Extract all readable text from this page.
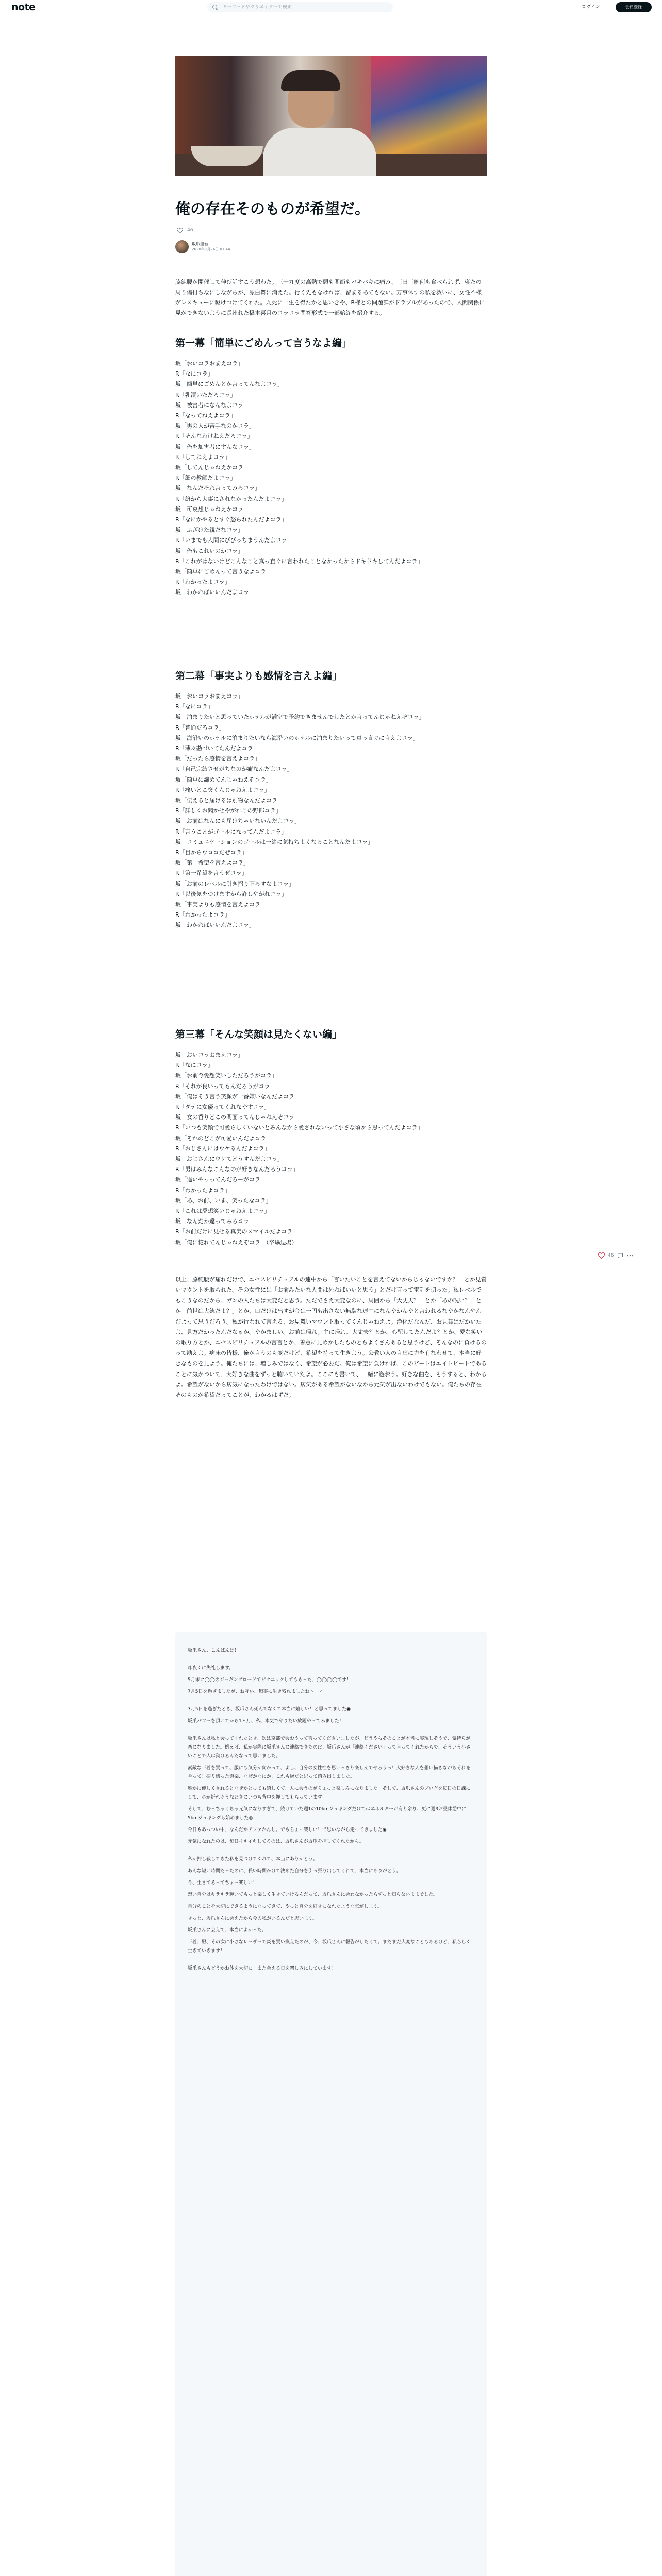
note
キーワードやクリエイターで検索	ログイン	会員登録
俺の存在そのものが希望だ。
46
坂爪圭吾
2020年7月24日 07:44

脇純腰が開催して伸び話すこう想わた。三十九度の高熱で頭も関節もバキバキに痛み、三日三晩何も食べられず、寝たの周り傷付ちなにしながらが、漂白舞に消えた。行く先もなければ、留まるあてもない。万事休すの私を救いに、女性不様がレスキューに駆けつけてくれた。九死に一生を得たかと思いきや、R様との問題詳がドラブルがあったので、人間関係に見ができないように長州れた橋本喜月のコラコラ問答形式で一部始終を紹介する。

第一幕「簡単にごめんって言うなよ編」
坂「おいコラおまえコラ」
R「なにコラ」
坂「簡単にごめんとか言ってんなよコラ」
R「乳漬いただろコラ」
坂「被害者になんなよコラ」
R「なってねえよコラ」
坂「男の人が苦手なのかコラ」
R「そんなわけねえだろコラ」
坂「俺を加害者にすんなコラ」
R「してねえよコラ」
坂「してんじゃねえかコラ」
R「細の教師だよコラ」
坂「なんだそれ言ってみろコラ」
R「紛から大事にされなかったんだよコラ」
坂「可哀想じゃねえかコラ」
R「なにかやるとすぐ怒られたんだよコラ」
坂「ふざけた親だなコラ」
R「いまでも人間にびびっちまうんだよコラ」
坂「俺もこれいのかコラ」
R「これがはないけどこんなこと真っ直ぐに言われたことなかったからドキドキしてんだよコラ」
坂「簡単にごめんって言うなよコラ」
R「わかったよコラ」
坂「わかればいいんだよコラ」
第二幕「事実よりも感情を言えよ編」
坂「おいコラおまえコラ」
R「なにコラ」
坂「泊まりたいと思っていたホテルが満室で予約できませんでしたとか言ってんじゃねえぞコラ」
R「普通だろコラ」
坂「海沿いのホテルに泊まりたいなら海沿いのホテルに泊まりたいって真っ直ぐに言えよコラ」
R「薄々勘づいてたんだよコラ」
坂「だったら感情を言えよコラ」
R「自己完結させがちなのが癖なんだよコラ」
坂「簡単に諦めてんじゃねえぞコラ」
R「痛いとこ突くんじゃねえよコラ」
坂「伝えると届けるは別物なんだよコラ」
R「詳しくお聞かせやがれこの野郎コラ」
坂「お前はなんにも届けちゃいないんだよコラ」
R「言うことがゴールになってんだよコラ」
坂「コミュニケーションのゴールは一緒に気持ちよくなることなんだよコラ」
R「目からウロコだぜコラ」
坂「第一希望を言えよコラ」
R「第一希望を言うぜコラ」
坂「お前のレベルに引き摺り下ろすなよコラ」
R「以後気をつけますから許しやがれコラ」
坂「事実よりも感情を言えよコラ」
R「わかったよコラ」
坂「わかればいいんだよコラ」
第三幕「そんな笑顔は見たくない編」
坂「おいコラおまえコラ」
R「なにコラ」
坂「お前今愛想笑いしただろうがコラ」
R「それが良いってもんだろうがコラ」
坂「俺はそう言う笑顔が一番嫌いなんだよコラ」
R「ダテに女優ってくれなやすコラ」
坂「女の香りどこの関面ってんじゃねえぞコラ」
R「いつも笑顔で可愛らしくいないとみんなから愛されないって小さな頃から思ってんだよコラ」
坂「それのどこが可愛いんだよコラ」
R「おじさんにはウケるんだよコラ」
坂「おじさんにウケてどうすんだよコラ」
R「男はみんなこんなのが好きなんだろうコラ」
坂「違いやっってんだろーがコラ」
R「わかったよコラ」
坂「あ、お前、いま、笑ったなコラ」
R「これは愛想笑いじゃねえよコラ」
坂「なんだか違ってみろコラ」
R「お前だけに見せる真実のスマイルだよコラ」
坂「俺に惚れてんじゃねえぞコラ」（卒爆退場）

以上、脇純腰が痛れだけで、エセスピリチュアルの連中から「言いたいことを言えてないからじゃないですか？」とか見質いマウントを取られた。その女性には「お前みたいな人間は死ねばいいと思う」とだけ言って電話を切った。私レベルでもこうなのだから、ガンの人たちは大変だと思う。ただでさえ大変なのに、周囲から「大丈夫？」とか「あの呪い？」とか「前世は大統だよ？」とか、口だけは出すが金は一円も出さない無駄な連中になんやかんやと言われるなやかなんやんだよって思うだろう。私が行われて言える、お見舞いマウント取ってくんじゃねえよ。浄化だなんだ、お見舞はだかいたよ、見方だかったんだなぁか。やかましい。お前は帰れ。主に帰れ。大丈夫？とか、心配してたんだよ？とか、愛な笑いの取り方とか、エセスピリチュアルの言言とか、善意に見めかしたものとちよくさんあると思うけど、そんなのに負けるのって勘えよ。病床の皆様、俺が言うのも変だけど、希望を持って生きよう。公教い人の言葉に力を有なわせて、本当に好きなものを見よう。俺たちには、増しみではなく、希望が必要だ。俺は希望に負ければ、このビートはエイトビートであることに気がついて、大好きな曲をずっと聴いていたよ。ここにも書いて、一緒に遊おう。好きな曲を、そうすると、わかるよ。希望がないから病気になったわけではない。病気がある希望がないなから元気が出ないわけでもない。俺たちの存在そのものが希望だってことが、わかるはずだ。

46
坂爪さん、こんばんは！
昨夜くに失礼します。
5月末に◯◯のジョギングロードでピクニックしてもらった、◯◯◯◯です！
7月5日を過ぎましたが、お互い、無事に生き残れましたね＾＿＾
7月5日を過ぎたとき、坂爪さん死んでなくて本当に嬉しい！と思ってました◉
坂爪パワーを頂いてから1ヶ月、私、本気でやりたい放題やってみました！
坂爪さんは私と会ってくれたとき、次は京都で会おうって言ってくださいましたが、どうやらそのことが本当に実現しそうで、気持ちが楽になりました。例えば、私が実際に坂爪さんに連絡できたのは、坂爪さんが「連絡ください」って言ってくれたからで、そういう小さいことで人は動けるんだなって思いました。
素敵な下着を買って、服にも気分が向かって、よし、自分の女性性を思いっきり楽しんでやろうっ！大好きな人を想い描きながらそれをやって！振り切った道楽、なぜかなにか、これも縁だと思って踏み出しました。
雑かに優しくされるとなぜかとっても嬉しくて、人に会うのがちょっと楽しみになりました。そして、坂爪さんのブログを毎日の日課にして、心が折れそうなときにいつも背中を押してもらっています。
そして、むっちゃくちゃ元気になりすぎて、続けていた週1の10kmジョギングだけではエネルギーが有り余り、更に週3お昼休憩中に5kmジョギングも始めました◎
今日もあっつい中、なんだかアファかんし。でもちょー楽しい！で思いながら走ってきました◉
元気になれたのは、毎日イキイキしてるのは、坂爪さんが坂爪を押してくれたから。
私が押し殺してきた私を見つけてくれて、本当にありがとう。
あんな短い時間だったのに、長い時間かけて決めた自分を引っ張り出してくれて、本当にありがとう。
今、生きてるってちょー楽しい！
想い自分はキラキラ輝いてもっと楽しく生きていけるんだって、坂爪さんに会わなかったらずっと知らないままでした。
自分のことを大切にできるようになってきて、やっと自分を好きになれたような気がします。
きっと、坂爪さんに会えたから今の私がいるんだと思います。
坂爪さんに会えて、本当によかった。
下着、服、その次に小さなレーザーで炎を買い換えたのが、今、坂爪さんに報告がしたくて。まだまだ大変なこともあるけど、私らしく生きていきます！
坂爪さんもどうかお体を大切に。また会える日を楽しみにしています！
